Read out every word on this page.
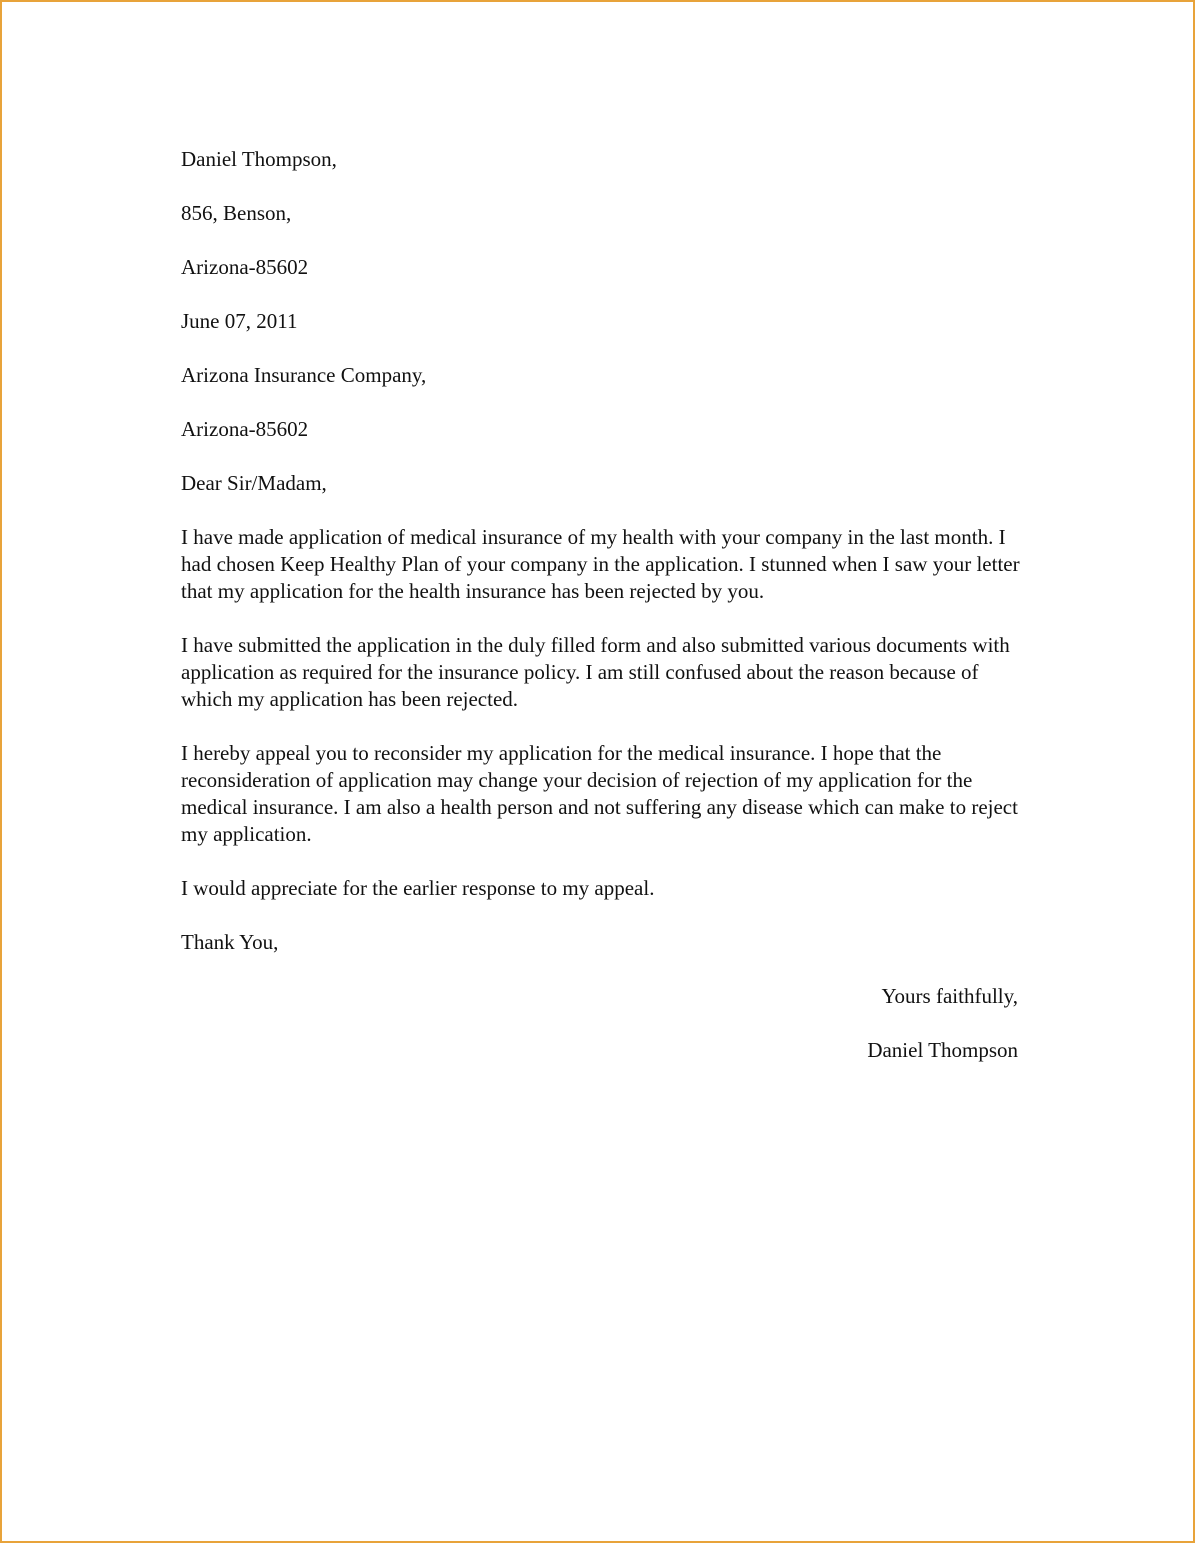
Daniel Thompson,
856, Benson,
Arizona-85602
June 07, 2011
Arizona Insurance Company,
Arizona-85602
Dear Sir/Madam,
I have made application of medical insurance of my health with your company in the last month. I had chosen Keep Healthy Plan of your company in the application. I stunned when I saw your letter that my application for the health insurance has been rejected by you.
I have submitted the application in the duly filled form and also submitted various documents with application as required for the insurance policy. I am still confused about the reason because of which my application has been rejected.
I hereby appeal you to reconsider my application for the medical insurance. I hope that the reconsideration of application may change your decision of rejection of my application for the medical insurance. I am also a health person and not suffering any disease which can make to reject my application.
I would appreciate for the earlier response to my appeal.
Thank You,
Yours faithfully,
Daniel Thompson
